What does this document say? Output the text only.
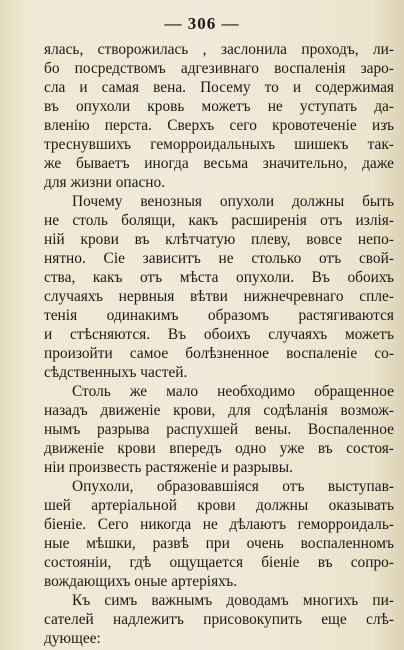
— 306 —
ялась, створожилась , заслонила проходъ, ли-
бо посредствомъ адгезивнаго воспаленія заро-
сла и самая вена. Посему то и содержимая
въ опухоли кровь можетъ не уступать да-
вленію перста. Сверхъ сего кровотеченіе изъ
треснувшихъ геморроидальныхъ шишекъ так-
же бываетъ иногда весьма значительно, даже
для жизни опасно.
Почему венозныя опухоли должны быть
не столь болящи, какъ расширенія отъ излія-
ній крови въ клѣтчатую плеву, вовсе непо-
нятно. Сіе зависитъ не столько отъ свой-
ства, какъ отъ мѣста опухоли. Въ обоихъ
случаяхъ нервныя вѣтви нижнечревнаго спле-
тенія одинакимъ образомъ растягиваются
и стѣсняются. Въ обоихъ случаяхъ можетъ
произойти самое болѣзненное воспаленіе со-
сѣдственныхъ частей.
Столь же мало необходимо обращенное
назадъ движеніе крови, для содѣланія возмож-
нымъ разрыва распухшей вены. Воспаленное
движеніе крови впередъ одно уже въ состоя-
ніи произвесть растяженіе и разрывы.
Опухоли, образовавшіяся отъ выступав-
шей артеріальной крови должны оказывать
біеніе. Сего никогда не дѣлаютъ геморроидаль-
ные мѣшки, развѣ при очень воспаленномъ
состояніи, гдѣ ощущается біеніе въ сопро-
вождающихъ оные артеріяхъ.
Къ симъ важнымъ доводамъ многихъ пи-
сателей надлежитъ присовокупить еще слѣ-
дующее:
